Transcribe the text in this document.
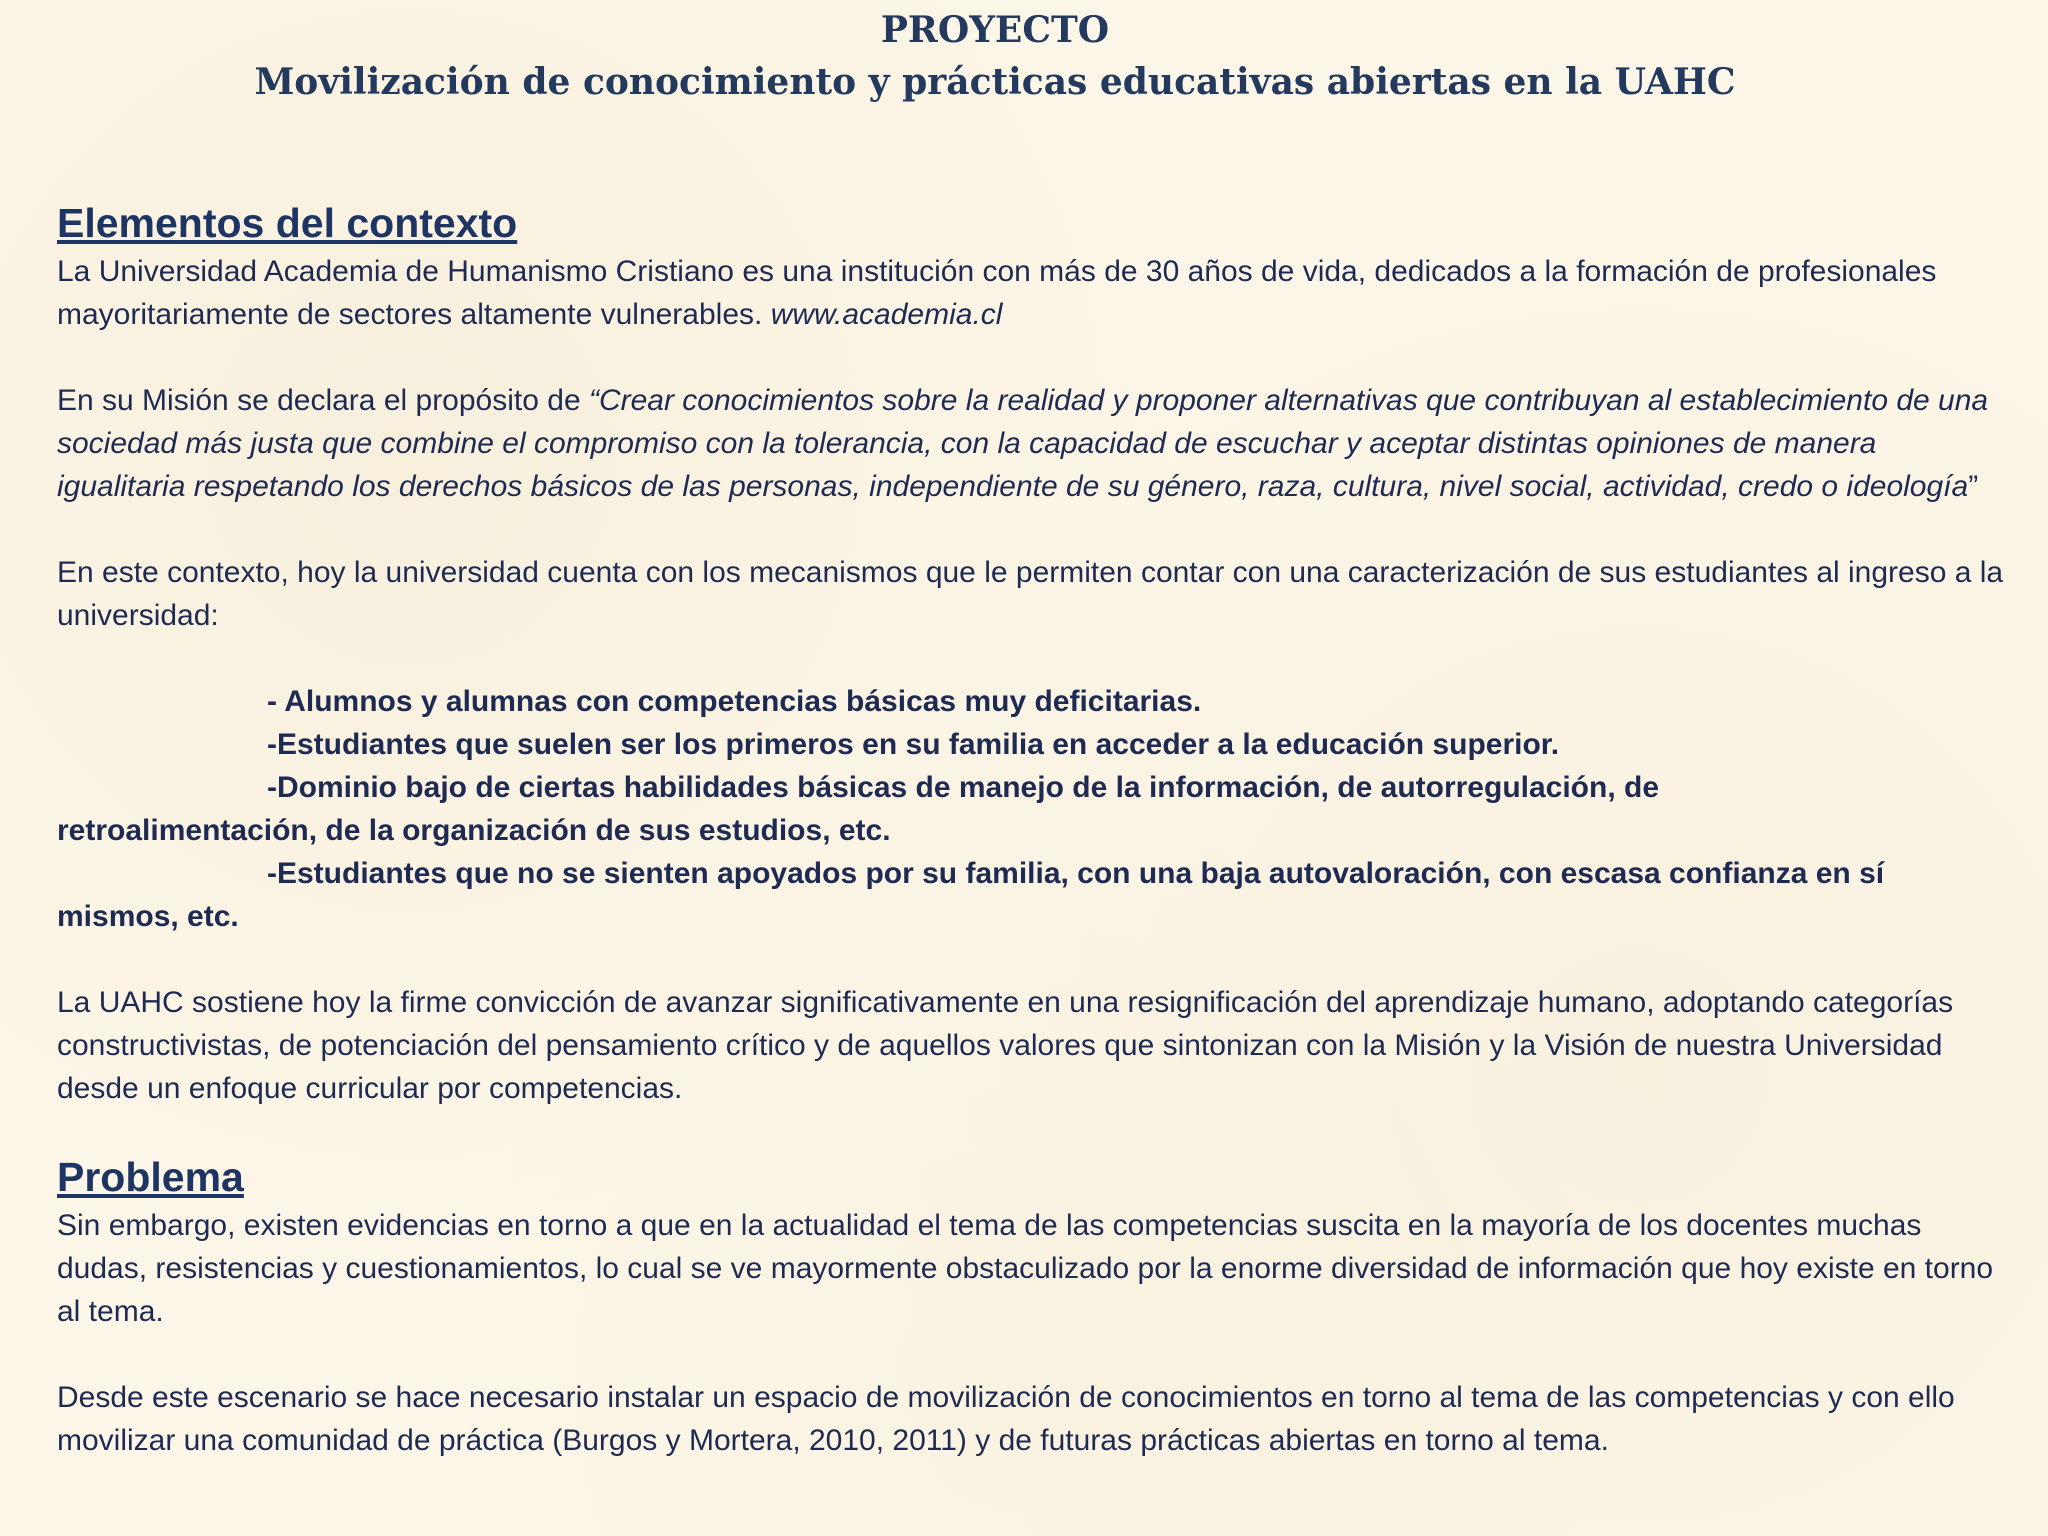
PROYECTO
Movilización de conocimiento y prácticas educativas abiertas en la UAHC
Elementos del contexto

La Universidad Academia de Humanismo Cristiano es una institución con más de 30 años de vida, dedicados a la formación de profesionales mayoritariamente de sectores altamente vulnerables. www.academia.cl

En su Misión se declara el propósito de “Crear conocimientos sobre la realidad y proponer alternativas que contribuyan al establecimiento de una sociedad más justa que combine el compromiso con la tolerancia, con la capacidad de escuchar y aceptar distintas opiniones de manera igualitaria respetando los derechos básicos de las personas, independiente de su género, raza, cultura, nivel social, actividad, credo o ideología”

En este contexto, hoy la universidad cuenta con los mecanismos que le permiten contar con una caracterización de sus estudiantes al ingreso a la universidad:

- Alumnos y alumnas con competencias básicas muy deficitarias.
-Estudiantes que suelen ser los primeros en su familia en acceder a la educación superior.
-Dominio bajo de ciertas habilidades básicas de manejo de la información, de autorregulación, de
retroalimentación, de la organización de sus estudios, etc.
-Estudiantes que no se sienten apoyados por su familia, con una baja autovaloración, con escasa confianza en sí
mismos, etc.

La UAHC sostiene hoy la firme convicción de avanzar significativamente en una resignificación del aprendizaje humano, adoptando categorías constructivistas, de potenciación del pensamiento crítico y de aquellos valores que sintonizan con la Misión y la Visión de nuestra Universidad desde un enfoque curricular por competencias.

Problema

Sin embargo, existen evidencias en torno a que en la actualidad el tema de las competencias suscita en la mayoría de los docentes muchas dudas, resistencias y cuestionamientos, lo cual se ve mayormente obstaculizado por la enorme diversidad de información que hoy existe en torno al tema.

Desde este escenario se hace necesario instalar un espacio de movilización de conocimientos en torno al tema de las competencias y con ello movilizar una comunidad de práctica (Burgos y Mortera, 2010, 2011) y de futuras prácticas abiertas en torno al tema.
